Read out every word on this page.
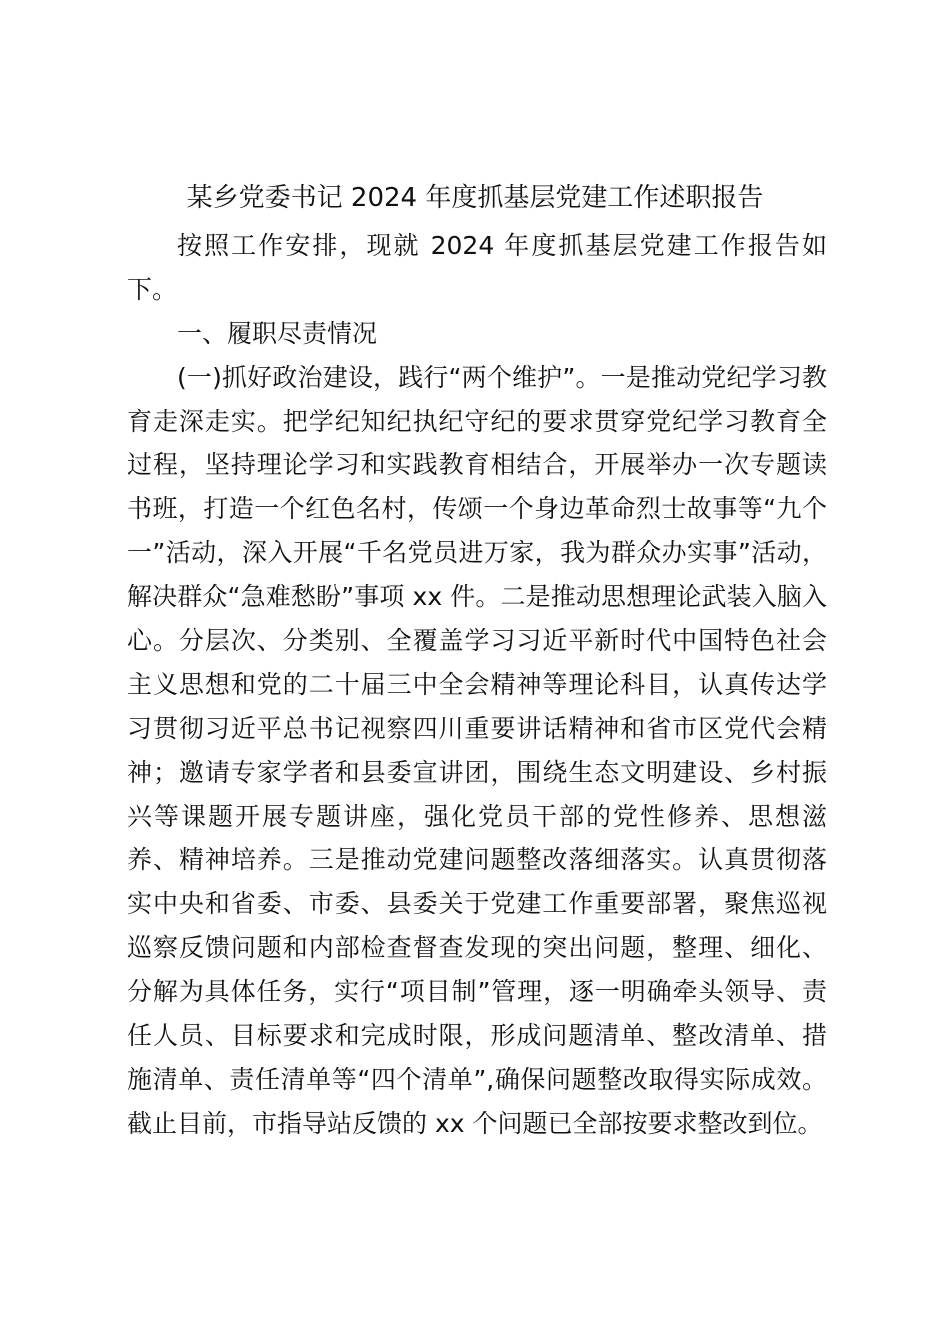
某乡党委书记 2024 年度抓基层党建工作述职报告
按照工作安排，现就 2024 年度抓基层党建工作报告如
下。
一、履职尽责情况
(一)抓好政治建设，践行“两个维护”。一是推动党纪学习教
育走深走实。把学纪知纪执纪守纪的要求贯穿党纪学习教育全
过程，坚持理论学习和实践教育相结合，开展举办一次专题读
书班，打造一个红色名村，传颂一个身边革命烈士故事等“九个
一”活动，深入开展“千名党员进万家，我为群众办实事”活动，
解决群众“急难愁盼”事项 xx 件。二是推动思想理论武装入脑入
心。分层次、分类别、全覆盖学习习近平新时代中国特色社会
主义思想和党的二十届三中全会精神等理论科目，认真传达学
习贯彻习近平总书记视察四川重要讲话精神和省市区党代会精
神；邀请专家学者和县委宣讲团，围绕生态文明建设、乡村振
兴等课题开展专题讲座，强化党员干部的党性修养、思想滋
养、精神培养。三是推动党建问题整改落细落实。认真贯彻落
实中央和省委、市委、县委关于党建工作重要部署，聚焦巡视
巡察反馈问题和内部检查督查发现的突出问题，整理、细化、
分解为具体任务，实行“项目制”管理，逐一明确牵头领导、责
任人员、目标要求和完成时限，形成问题清单、整改清单、措
施清单、责任清单等“四个清单”,确保问题整改取得实际成效。
截止目前，市指导站反馈的 xx 个问题已全部按要求整改到位。
